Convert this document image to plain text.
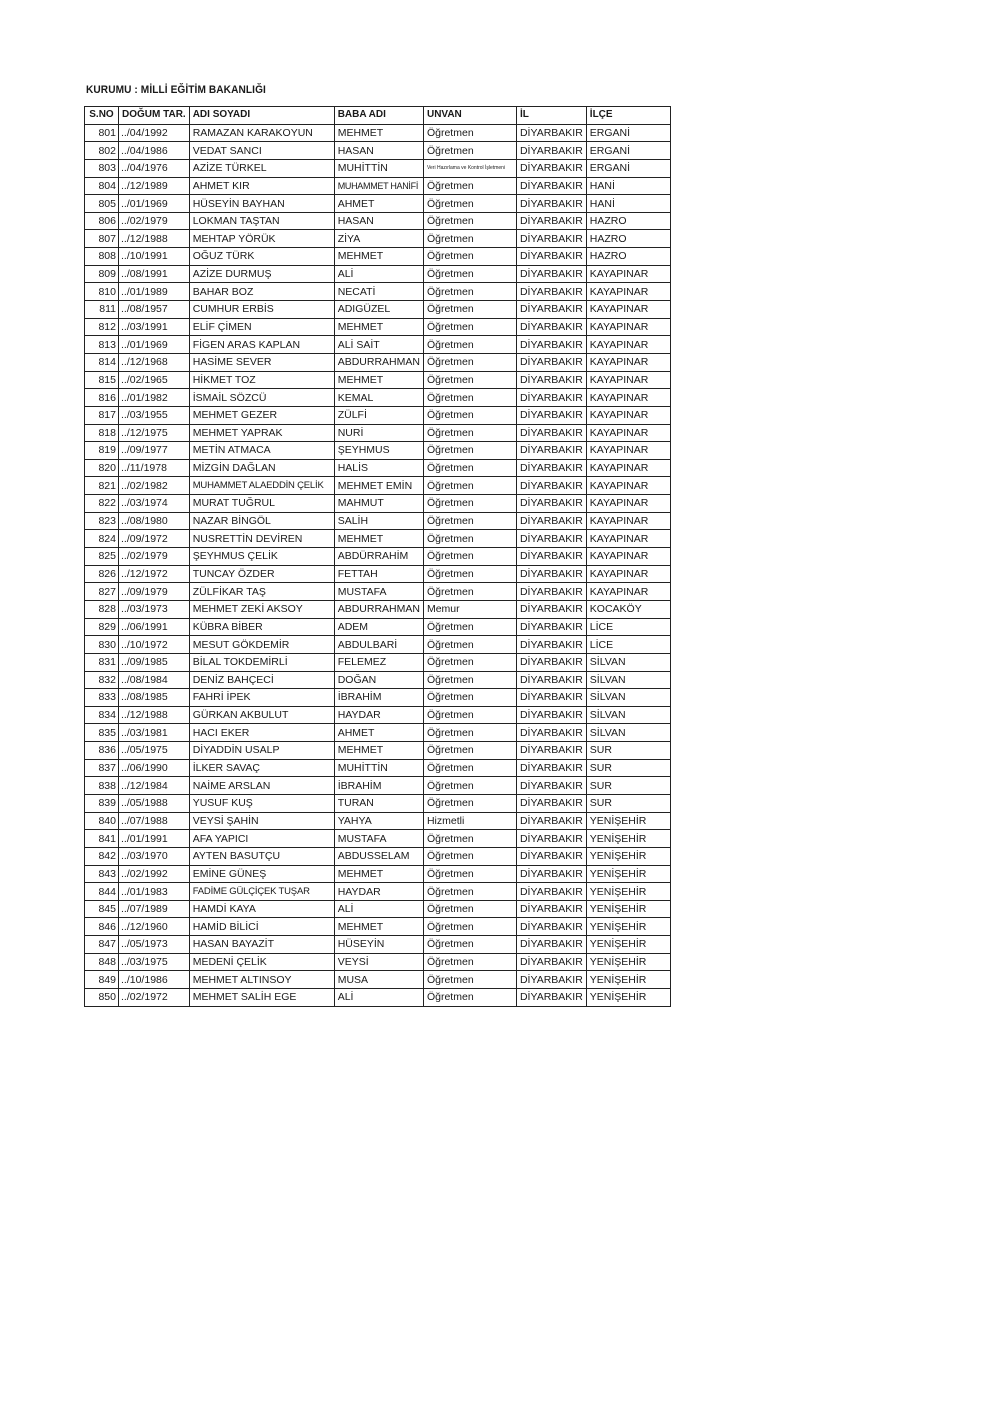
KURUMU : MİLLİ EĞİTİM BAKANLIĞI
S.NO	DOĞUM TAR.	ADI SOYADI	BABA ADI	UNVAN	İL	İLÇE
801	../04/1992	RAMAZAN KARAKOYUN	MEHMET	Öğretmen	DİYARBAKIR	ERGANİ
802	../04/1986	VEDAT SANCI	HASAN	Öğretmen	DİYARBAKIR	ERGANİ
803	../04/1976	AZİZE TÜRKEL	MUHİTTİN	Veri Hazırlama ve Kontrol İşletmeni	DİYARBAKIR	ERGANİ
804	../12/1989	AHMET KIR	MUHAMMET HANİFİ	Öğretmen	DİYARBAKIR	HANİ
805	../01/1969	HÜSEYİN BAYHAN	AHMET	Öğretmen	DİYARBAKIR	HANİ
806	../02/1979	LOKMAN TAŞTAN	HASAN	Öğretmen	DİYARBAKIR	HAZRO
807	../12/1988	MEHTAP YÖRÜK	ZİYA	Öğretmen	DİYARBAKIR	HAZRO
808	../10/1991	OĞUZ TÜRK	MEHMET	Öğretmen	DİYARBAKIR	HAZRO
809	../08/1991	AZİZE DURMUŞ	ALİ	Öğretmen	DİYARBAKIR	KAYAPINAR
810	../01/1989	BAHAR BOZ	NECATİ	Öğretmen	DİYARBAKIR	KAYAPINAR
811	../08/1957	CUMHUR ERBİS	ADIGÜZEL	Öğretmen	DİYARBAKIR	KAYAPINAR
812	../03/1991	ELİF ÇİMEN	MEHMET	Öğretmen	DİYARBAKIR	KAYAPINAR
813	../01/1969	FİGEN ARAS KAPLAN	ALİ SAİT	Öğretmen	DİYARBAKIR	KAYAPINAR
814	../12/1968	HASİME SEVER	ABDURRAHMAN	Öğretmen	DİYARBAKIR	KAYAPINAR
815	../02/1965	HİKMET TOZ	MEHMET	Öğretmen	DİYARBAKIR	KAYAPINAR
816	../01/1982	İSMAİL SÖZCÜ	KEMAL	Öğretmen	DİYARBAKIR	KAYAPINAR
817	../03/1955	MEHMET GEZER	ZÜLFİ	Öğretmen	DİYARBAKIR	KAYAPINAR
818	../12/1975	MEHMET YAPRAK	NURİ	Öğretmen	DİYARBAKIR	KAYAPINAR
819	../09/1977	METİN ATMACA	ŞEYHMUS	Öğretmen	DİYARBAKIR	KAYAPINAR
820	../11/1978	MİZGİN DAĞLAN	HALİS	Öğretmen	DİYARBAKIR	KAYAPINAR
821	../02/1982	MUHAMMET ALAEDDİN ÇELİK	MEHMET EMİN	Öğretmen	DİYARBAKIR	KAYAPINAR
822	../03/1974	MURAT TUĞRUL	MAHMUT	Öğretmen	DİYARBAKIR	KAYAPINAR
823	../08/1980	NAZAR BİNGÖL	SALİH	Öğretmen	DİYARBAKIR	KAYAPINAR
824	../09/1972	NUSRETTİN DEVİREN	MEHMET	Öğretmen	DİYARBAKIR	KAYAPINAR
825	../02/1979	ŞEYHMUS ÇELİK	ABDÜRRAHİM	Öğretmen	DİYARBAKIR	KAYAPINAR
826	../12/1972	TUNCAY ÖZDER	FETTAH	Öğretmen	DİYARBAKIR	KAYAPINAR
827	../09/1979	ZÜLFİKAR TAŞ	MUSTAFA	Öğretmen	DİYARBAKIR	KAYAPINAR
828	../03/1973	MEHMET ZEKİ AKSOY	ABDURRAHMAN	Memur	DİYARBAKIR	KOCAKÖY
829	../06/1991	KÜBRA BİBER	ADEM	Öğretmen	DİYARBAKIR	LİCE
830	../10/1972	MESUT GÖKDEMİR	ABDULBARİ	Öğretmen	DİYARBAKIR	LİCE
831	../09/1985	BİLAL TOKDEMİRLİ	FELEMEZ	Öğretmen	DİYARBAKIR	SİLVAN
832	../08/1984	DENİZ BAHÇECİ	DOĞAN	Öğretmen	DİYARBAKIR	SİLVAN
833	../08/1985	FAHRİ İPEK	İBRAHİM	Öğretmen	DİYARBAKIR	SİLVAN
834	../12/1988	GÜRKAN AKBULUT	HAYDAR	Öğretmen	DİYARBAKIR	SİLVAN
835	../03/1981	HACI EKER	AHMET	Öğretmen	DİYARBAKIR	SİLVAN
836	../05/1975	DİYADDİN USALP	MEHMET	Öğretmen	DİYARBAKIR	SUR
837	../06/1990	İLKER SAVAÇ	MUHİTTİN	Öğretmen	DİYARBAKIR	SUR
838	../12/1984	NAİME ARSLAN	İBRAHİM	Öğretmen	DİYARBAKIR	SUR
839	../05/1988	YUSUF KUŞ	TURAN	Öğretmen	DİYARBAKIR	SUR
840	../07/1988	VEYSİ ŞAHİN	YAHYA	Hizmetli	DİYARBAKIR	YENİŞEHİR
841	../01/1991	AFA YAPICI	MUSTAFA	Öğretmen	DİYARBAKIR	YENİŞEHİR
842	../03/1970	AYTEN BASUTÇU	ABDUSSELAM	Öğretmen	DİYARBAKIR	YENİŞEHİR
843	../02/1992	EMİNE GÜNEŞ	MEHMET	Öğretmen	DİYARBAKIR	YENİŞEHİR
844	../01/1983	FADİME GÜLÇİÇEK TUŞAR	HAYDAR	Öğretmen	DİYARBAKIR	YENİŞEHİR
845	../07/1989	HAMDİ KAYA	ALİ	Öğretmen	DİYARBAKIR	YENİŞEHİR
846	../12/1960	HAMİD BİLİCİ	MEHMET	Öğretmen	DİYARBAKIR	YENİŞEHİR
847	../05/1973	HASAN BAYAZİT	HÜSEYİN	Öğretmen	DİYARBAKIR	YENİŞEHİR
848	../03/1975	MEDENİ ÇELİK	VEYSİ	Öğretmen	DİYARBAKIR	YENİŞEHİR
849	../10/1986	MEHMET ALTINSOY	MUSA	Öğretmen	DİYARBAKIR	YENİŞEHİR
850	../02/1972	MEHMET SALİH EGE	ALİ	Öğretmen	DİYARBAKIR	YENİŞEHİR
